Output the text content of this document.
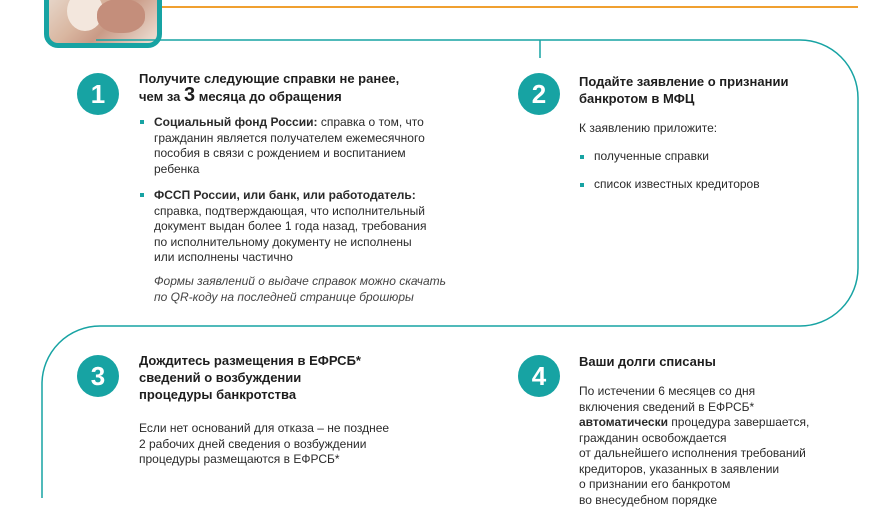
1	Получите следующие справки не ранее,
чем за 3 месяца до обращения
Социальный фонд России: справка о том, что
гражданин является получателем ежемесячного
пособия в связи с рождением и воспитанием
ребенка
ФССП России, или банк, или работодатель:
справка, подтверждающая, что исполнительный
документ выдан более 1 года назад, требования
по исполнительному документу не исполнены
или исполнены частично
Формы заявлений о выдаче справок можно скачать
по QR-коду на последней странице брошюры
2	Подайте заявление о признании
банкротом в МФЦ
К заявлению приложите:
полученные справки
список известных кредиторов
3	Дождитесь размещения в ЕФРСБ*
сведений о возбуждении
процедуры банкротства
Если нет оснований для отказа – не позднее
2 рабочих дней сведения о возбуждении
процедуры размещаются в ЕФРСБ*
4	Ваши долги списаны
По истечении 6 месяцев со дня
включения сведений в ЕФРСБ*
автоматически процедура завершается,
гражданин освобождается
от дальнейшего исполнения требований
кредиторов, указанных в заявлении
о признании его банкротом
во внесудебном порядке
